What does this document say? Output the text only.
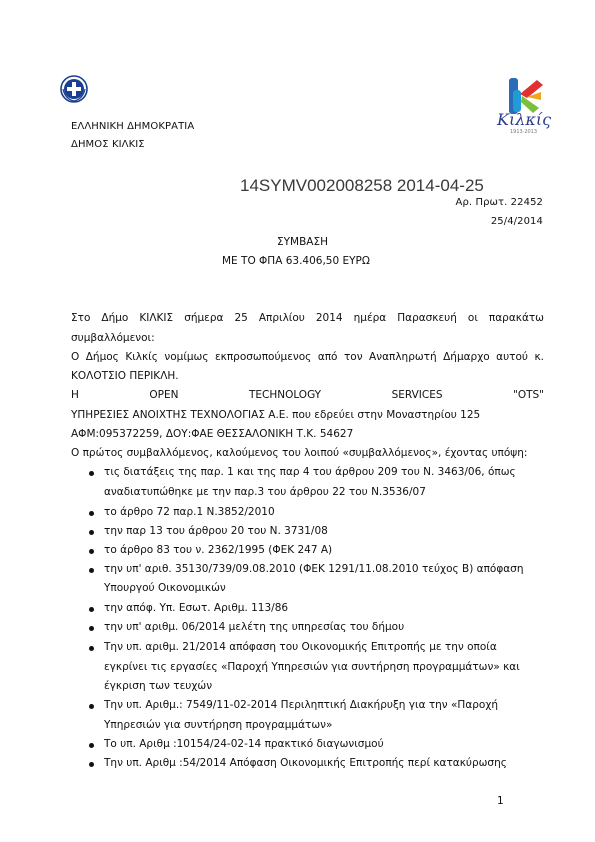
ΕΛΛΗΝΙΚΗ ΔΗΜΟΚΡΑΤΙΑ
ΔΗΜΟΣ ΚΙΛΚΙΣ
Κιλκίς
1913·2013
14SYMV002008258 2014-04-25
Αρ. Πρωτ. 22452
25/4/2014
ΣΥΜΒΑΣΗ
ΜΕ ΤΟ ΦΠΑ 63.406,50 ΕΥΡΩ
Στο Δήμο ΚΙΛΚΙΣ σήμερα 25 Απριλίου 2014 ημέρα Παρασκευή οι παρακάτω
συμβαλλόμενοι:
Ο Δήμος Κιλκίς νομίμως εκπροσωπούμενος από τον Αναπληρωτή Δήμαρχο αυτού κ.
ΚΟΛΟΤΣΙΟ ΠΕΡΙΚΛΗ.
Η	OPEN	TECHNOLOGY	SERVICES	"OTS"
ΥΠΗΡΕΣΙΕΣ ΑΝΟΙΧΤΗΣ ΤΕΧΝΟΛΟΓΙΑΣ Α.Ε. που εδρεύει στην Μοναστηρίου 125
ΑΦΜ:095372259, ΔΟΥ:ΦΑΕ ΘΕΣΣΑΛΟΝΙΚΗ Τ.Κ. 54627
Ο πρώτος συμβαλλόμενος, καλούμενος του λοιπού «συμβαλλόμενος», έχοντας υπόψη:
τις διατάξεις της παρ. 1 και της παρ 4 του άρθρου 209 του Ν. 3463/06, όπως
αναδιατυπώθηκε με την παρ.3 του άρθρου 22 του Ν.3536/07
το άρθρο 72 παρ.1 Ν.3852/2010
την παρ 13 του άρθρου 20 του Ν. 3731/08
το άρθρο 83 του ν. 2362/1995 (ΦΕΚ 247 Α)
την υπ' αριθ. 35130/739/09.08.2010 (ΦΕΚ 1291/11.08.2010 τεύχος Β) απόφαση
Υπουργού Οικονομικών
την απόφ. Υπ. Εσωτ. Αριθμ. 113/86
την υπ' αριθμ. 06/2014 μελέτη της υπηρεσίας του δήμου
Την υπ. αριθμ. 21/2014 απόφαση του Οικονομικής Επιτροπής με την οποία
εγκρίνει τις εργασίες «Παροχή Υπηρεσιών για συντήρηση προγραμμάτων» και
έγκριση των τευχών
Την υπ. Αριθμ.: 7549/11-02-2014 Περιληπτική Διακήρυξη για την «Παροχή
Υπηρεσιών για συντήρηση προγραμμάτων»
Το υπ. Αριθμ :10154/24-02-14 πρακτικό διαγωνισμού
Την υπ. Αριθμ :54/2014 Απόφαση Οικονομικής Επιτροπής περί κατακύρωσης
1
